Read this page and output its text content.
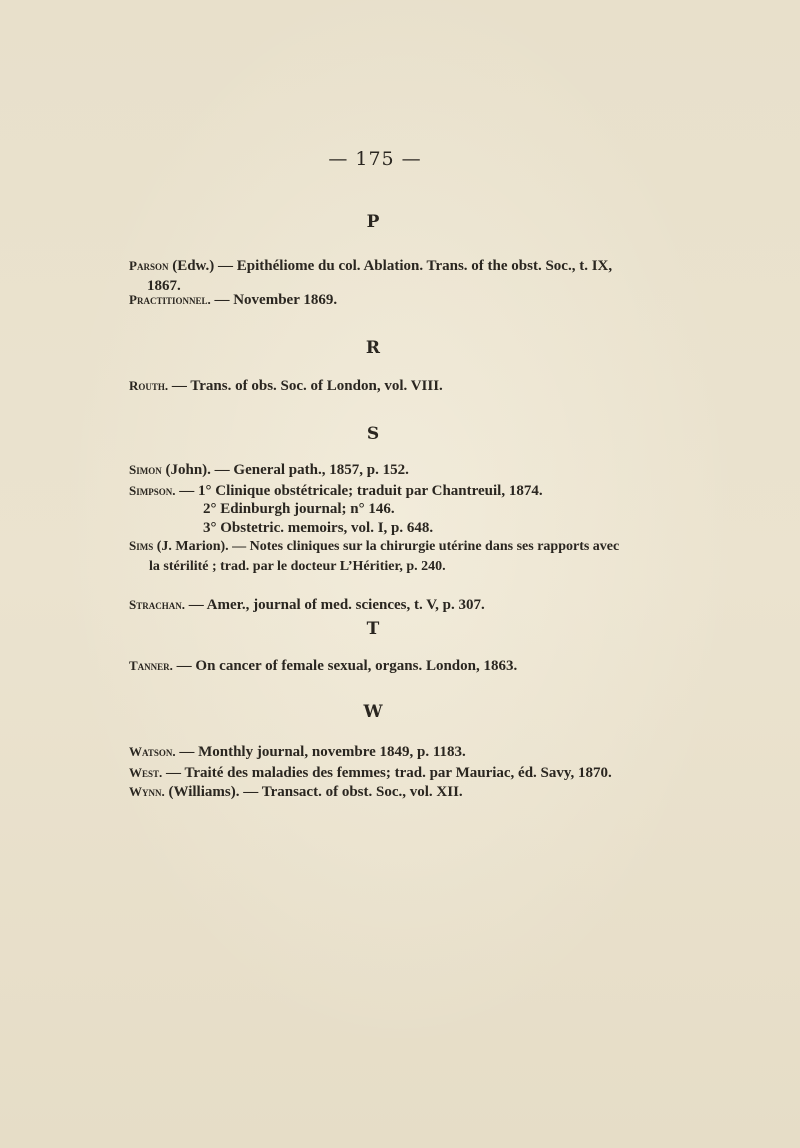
— 175 —
P
Parson (Edw.) — Epithéliome du col. Ablation. Trans. of the obst. Soc., t. IX,
1867.
Practitionnel. — November 1869.
R
Routh. — Trans. of obs. Soc. of London, vol. VIII.
S
Simon (John). — General path., 1857, p. 152.
Simpson. — 1° Clinique obstétricale; traduit par Chantreuil, 1874.
2° Edinburgh journal; n° 146.
3° Obstetric. memoirs, vol. I, p. 648.
Sims (J. Marion). — Notes cliniques sur la chirurgie utérine dans ses rapports avec
la stérilité ; trad. par le docteur L’Héritier, p. 240.
Strachan. — Amer., journal of med. sciences, t. V, p. 307.
T
Tanner. — On cancer of female sexual, organs. London, 1863.
W
Watson. — Monthly journal, novembre 1849, p. 1183.
West. — Traité des maladies des femmes; trad. par Mauriac, éd. Savy, 1870.
Wynn. (Williams). — Transact. of obst. Soc., vol. XII.
